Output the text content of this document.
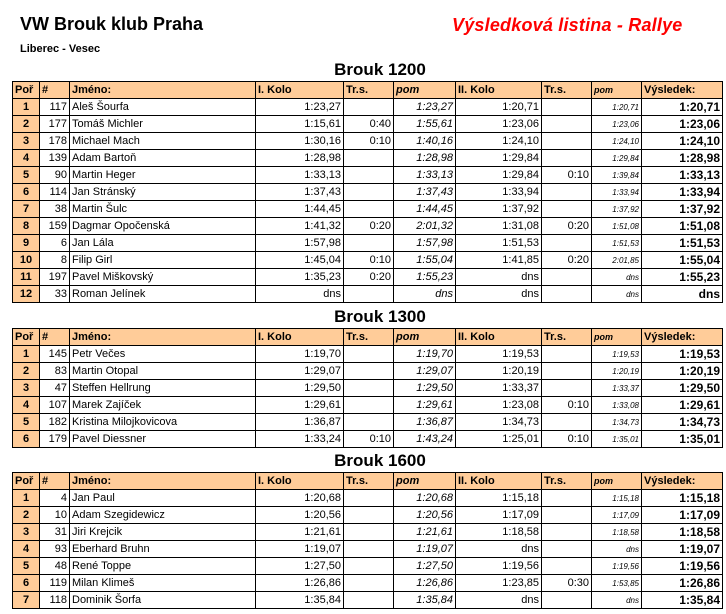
VW Brouk klub Praha
Liberec - Vesec
Výsledková listina - Rallye
Brouk 1200
Poř	#	Jméno:	I. Kolo	Tr.s.	pom	II. Kolo	Tr.s.	pom	Výsledek:
1	117	Aleš Šourfa	1:23,27		1:23,27	1:20,71		1:20,71	1:20,71
2	177	Tomáš Michler	1:15,61	0:40	1:55,61	1:23,06		1:23,06	1:23,06
3	178	Michael Mach	1:30,16	0:10	1:40,16	1:24,10		1:24,10	1:24,10
4	139	Adam Bartoň	1:28,98		1:28,98	1:29,84		1:29,84	1:28,98
5	90	Martin Heger	1:33,13		1:33,13	1:29,84	0:10	1:39,84	1:33,13
6	114	Jan Stránský	1:37,43		1:37,43	1:33,94		1:33,94	1:33,94
7	38	Martin Šulc	1:44,45		1:44,45	1:37,92		1:37,92	1:37,92
8	159	Dagmar Opočenská	1:41,32	0:20	2:01,32	1:31,08	0:20	1:51,08	1:51,08
9	6	Jan Lála	1:57,98		1:57,98	1:51,53		1:51,53	1:51,53
10	8	Filip Girl	1:45,04	0:10	1:55,04	1:41,85	0:20	2:01,85	1:55,04
11	197	Pavel Miškovský	1:35,23	0:20	1:55,23	dns		dns	1:55,23
12	33	Roman Jelínek	dns		dns	dns		dns	dns
Brouk 1300
Poř	#	Jméno:	I. Kolo	Tr.s.	pom	II. Kolo	Tr.s.	pom	Výsledek:
1	145	Petr Večes	1:19,70		1:19,70	1:19,53		1:19,53	1:19,53
2	83	Martin Otopal	1:29,07		1:29,07	1:20,19		1:20,19	1:20,19
3	47	Steffen Hellrung	1:29,50		1:29,50	1:33,37		1:33,37	1:29,50
4	107	Marek Zajíček	1:29,61		1:29,61	1:23,08	0:10	1:33,08	1:29,61
5	182	Kristina Milojkovicova	1:36,87		1:36,87	1:34,73		1:34,73	1:34,73
6	179	Pavel Diessner	1:33,24	0:10	1:43,24	1:25,01	0:10	1:35,01	1:35,01
Brouk 1600
Poř	#	Jméno:	I. Kolo	Tr.s.	pom	II. Kolo	Tr.s.	pom	Výsledek:
1	4	Jan Paul	1:20,68		1:20,68	1:15,18		1:15,18	1:15,18
2	10	Adam Szegidewicz	1:20,56		1:20,56	1:17,09		1:17,09	1:17,09
3	31	Jiri Krejcik	1:21,61		1:21,61	1:18,58		1:18,58	1:18,58
4	93	Eberhard Bruhn	1:19,07		1:19,07	dns		dns	1:19,07
5	48	René Toppe	1:27,50		1:27,50	1:19,56		1:19,56	1:19,56
6	119	Milan Klimeš	1:26,86		1:26,86	1:23,85	0:30	1:53,85	1:26,86
7	118	Dominik Šorfa	1:35,84		1:35,84	dns		dns	1:35,84
